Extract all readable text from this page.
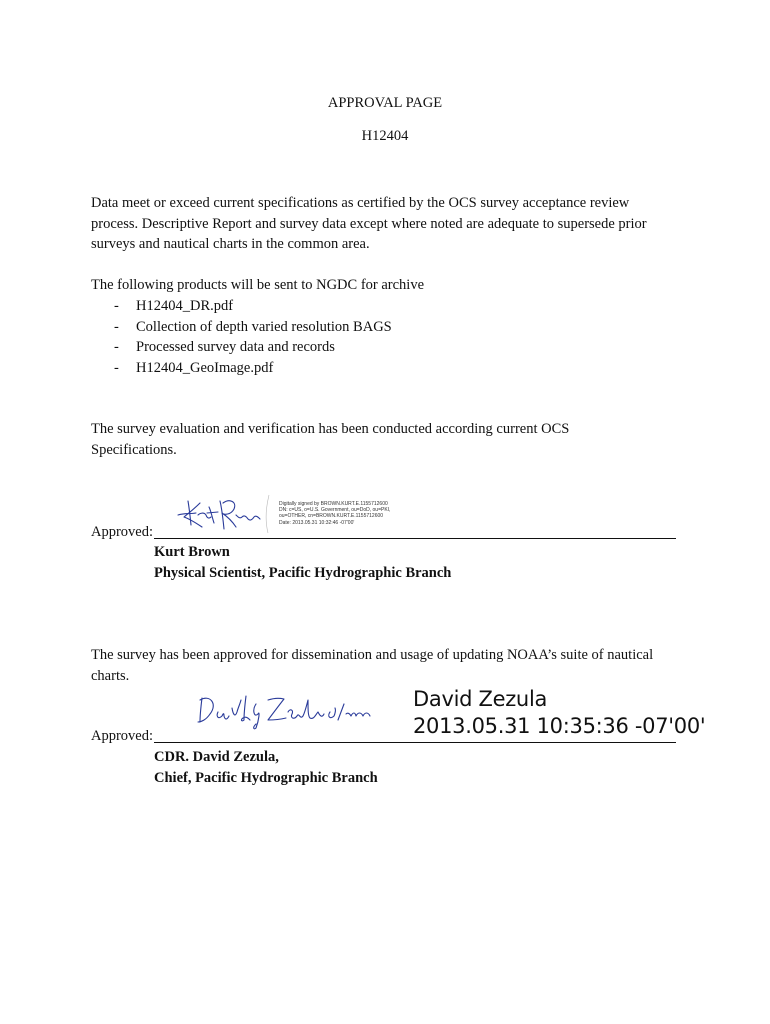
APPROVAL PAGE
H12404
Data meet or exceed current specifications as certified by the OCS survey acceptance review
process. Descriptive Report and survey data except where noted are adequate to supersede prior
surveys and nautical charts in the common area.
The following products will be sent to NGDC for archive
- H12404_DR.pdf
- Collection of depth varied resolution BAGS
- Processed survey data and records
- H12404_GeoImage.pdf
The survey evaluation and verification has been conducted according current OCS
Specifications.
Digitally signed by BROWN.KURT.E.1155712600
DN: c=US, o=U.S. Government, ou=DoD, ou=PKI,
ou=OTHER, cn=BROWN.KURT.E.1155712600
Date: 2013.05.31 10:32:46 -07'00'
Approved:
Kurt Brown
Physical Scientist, Pacific Hydrographic Branch
The survey has been approved for dissemination and usage of updating NOAA’s suite of nautical
charts.
David Zezula
2013.05.31 10:35:36 -07'00'
Approved:
CDR. David Zezula,
Chief, Pacific Hydrographic Branch
